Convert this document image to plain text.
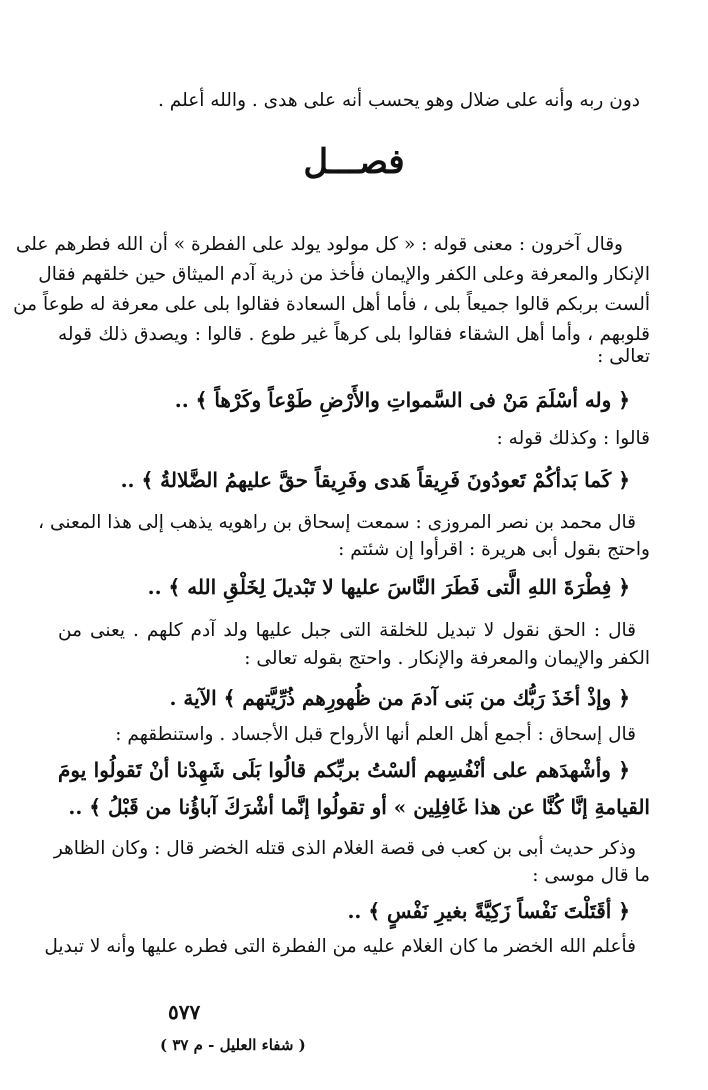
دون ربه وأنه على ضلال وهو يحسب أنه على هدى . والله أعلم .
فصـــل
وقال آخرون : معنى قوله : « كل مولود يولد على الفطرة » أن الله فطرهم على
الإنكار والمعرفة وعلى الكفر والإيمان فأخذ من ذرية آدم الميثاق حين خلقهم فقال
ألست بربكم قالوا جميعاً بلى ، فأما أهل السعادة فقالوا بلى على معرفة له طوعاً من
قلوبهم ، وأما أهل الشقاء فقالوا بلى كرهاً غير طوع . قالوا : ويصدق ذلك قوله
تعالى :
﴿ وله أسْلَمَ مَنْ فى السَّمواتِ والأَرْضِ طَوْعاً وكَرْهاً ﴾ ..
قالوا : وكذلك قوله :
﴿ كَما بَدأكُمْ تَعودُونَ فَرِيقاً هَدى وفَرِيقاً حقَّ عليهمُ الضَّلالةُ ﴾ ..
قال محمد بن نصر المروزى : سمعت إسحاق بن راهويه يذهب إلى هذا المعنى ،
واحتج بقول أبى هريرة : اقرأوا إن شئتم :
﴿ فِطْرَةَ اللهِ الَّتى فَطَرَ النَّاسَ عليها لا تَبْديلَ لِخَلْقِ الله ﴾ ..
قال : الحق نقول لا تبديل للخلقة التى جبل عليها ولد آدم كلهم . يعنى من
الكفر والإيمان والمعرفة والإنكار . واحتج بقوله تعالى :
﴿ وإذْ أخَذَ رَبُّك من بَنى آدمَ من ظُهورِهم ذُرِّيَّتهم ﴾ الآية .
قال إسحاق : أجمع أهل العلم أنها الأرواح قبل الأجساد . واستنطقهم :
﴿ وأشْهدَهم على أنْفُسِهم ألسْتُ بربِّكم قالُوا بَلَى شَهِدْنا أنْ تَقولُوا يومَ
القيامةِ إنَّا كُنَّا عن هذا غَافِلِين » أو تقولُوا إنَّما أشْرَكَ آباؤُنا من قَبْلُ ﴾ ..
وذكر حديث أبى بن كعب فى قصة الغلام الذى قتله الخضر قال : وكان الظاهر
ما قال موسى :
﴿ أقَتَلْتَ نَفْساً زَكِيَّةً بغيرِ نَفْسٍ ﴾ ..
فأعلم الله الخضر ما كان الغلام عليه من الفطرة التى فطره عليها وأنه لا تبديل
٥٧٧
( شفاء العليل - م ٣٧ )
